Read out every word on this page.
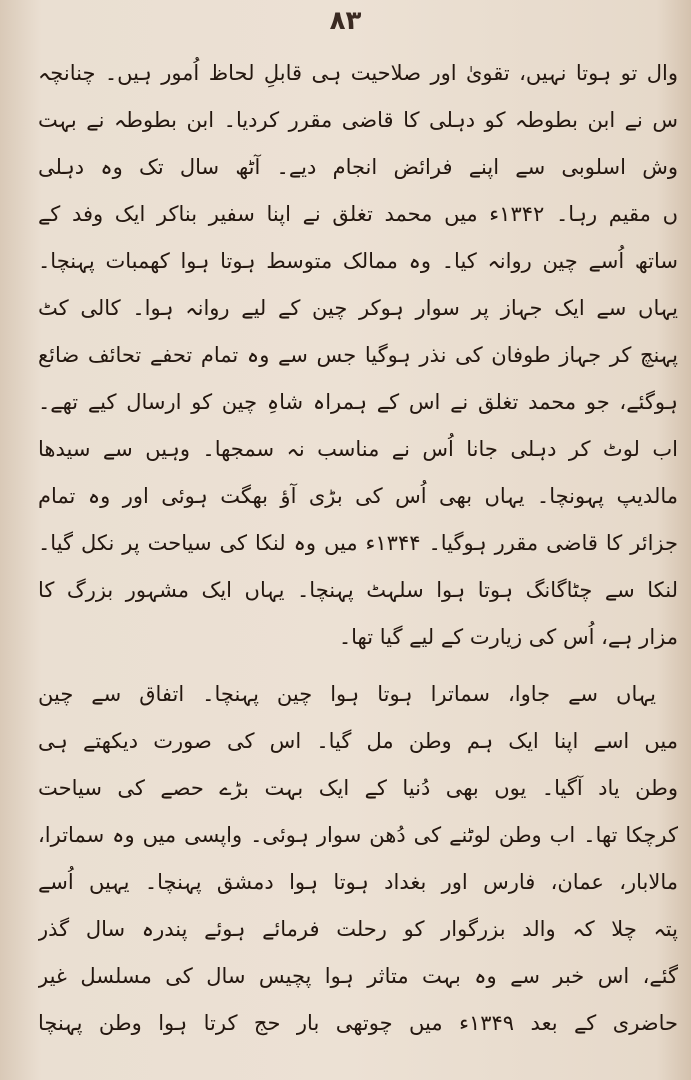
۸۳
وال تو ہوتا نہیں، تقویٰ اور صلاحیت ہی قابلِ لحاظ اُمور ہیں۔ چنانچہ
س نے ابن بطوطہ کو دہلی کا قاضی مقرر کردیا۔ ابن بطوطہ نے بہت
وش اسلوبی سے اپنے فرائض انجام دیے۔ آٹھ سال تک وہ دہلی
ں مقیم رہا۔ ۱۳۴۲ء میں محمد تغلق نے اپنا سفیر بناکر ایک وفد کے
ساتھ اُسے چین روانہ کیا۔ وہ ممالک متوسط ہوتا ہوا کھمبات پہنچا۔
یہاں سے ایک جہاز پر سوار ہوکر چین کے لیے روانہ ہوا۔ کالی کٹ
پہنچ کر جہاز طوفان کی نذر ہوگیا جس سے وہ تمام تحفے تحائف ضائع
ہوگئے، جو محمد تغلق نے اس کے ہمراہ شاہِ چین کو ارسال کیے تھے۔
اب لوٹ کر دہلی جانا اُس نے مناسب نہ سمجھا۔ وہیں سے سیدھا
مالدیپ پہونچا۔ یہاں بھی اُس کی بڑی آؤ بھگت ہوئی اور وہ تمام
جزائر کا قاضی مقرر ہوگیا۔ ۱۳۴۴ء میں وہ لنکا کی سیاحت پر نکل گیا۔
لنکا سے چٹاگانگ ہوتا ہوا سلہٹ پہنچا۔ یہاں ایک مشہور بزرگ کا
مزار ہے، اُس کی زیارت کے لیے گیا تھا۔
یہاں سے جاوا، سماترا ہوتا ہوا چین پہنچا۔ اتفاق سے چین
میں اسے اپنا ایک ہم وطن مل گیا۔ اس کی صورت دیکھتے ہی
وطن یاد آگیا۔ یوں بھی دُنیا کے ایک بہت بڑے حصے کی سیاحت
کرچکا تھا۔ اب وطن لوٹنے کی دُھن سوار ہوئی۔ واپسی میں وہ سماترا،
مالابار، عمان، فارس اور بغداد ہوتا ہوا دمشق پہنچا۔ یہیں اُسے
پتہ چلا کہ والد بزرگوار کو رحلت فرمائے ہوئے پندرہ سال گذر
گئے، اس خبر سے وہ بہت متاثر ہوا پچیس سال کی مسلسل غیر
حاضری کے بعد ۱۳۴۹ء میں چوتھی بار حج کرتا ہوا وطن پہنچا
